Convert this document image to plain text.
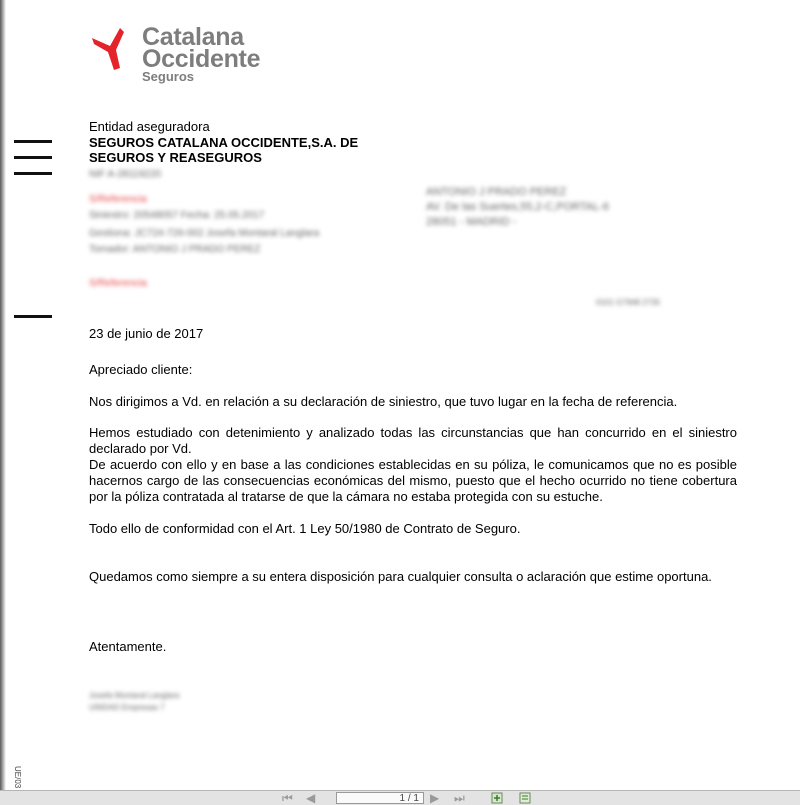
Catalana
Occidente
Seguros
Entidad aseguradora
SEGUROS CATALANA OCCIDENTE,S.A. DE
SEGUROS Y REASEGUROS
NIF A-28119220
S/Referencia
Siniestro: 20548057 Fecha: 25.05.2017
Gestiona: JC724-726-002 Josefa Montaral Langlara
Tomador: ANTONIO J PRADO PEREZ
S/Referencia
ANTONIO J PRADO PEREZ
AV. De las Suertes,55,2-C,PORTAL-6
28051 - MADRID -
0101 G7948 2735
23 de junio de 2017
Apreciado cliente:
Nos dirigimos a Vd. en relación a su declaración de siniestro, que tuvo lugar en la fecha de referencia.
Hemos estudiado con detenimiento y analizado todas las circunstancias que han concurrido en el siniestro declarado por Vd.
De acuerdo con ello y en base a las condiciones establecidas en su póliza, le comunicamos que no es posible hacernos cargo de las consecuencias económicas del mismo, puesto que el hecho ocurrido no tiene cobertura por la póliza contratada al tratarse de que la cámara no estaba protegida con su estuche.
Todo ello de conformidad con el Art. 1 Ley 50/1980 de Contrato de Seguro.
Quedamos como siempre a su entera disposición para cualquier consulta o aclaración que estime oportuna.
Atentamente.
Josefa Montaral Langlara
UNIDAD Empresas 7
UE/03
⏮ ◀	1 / 1 ▶ ⏭
